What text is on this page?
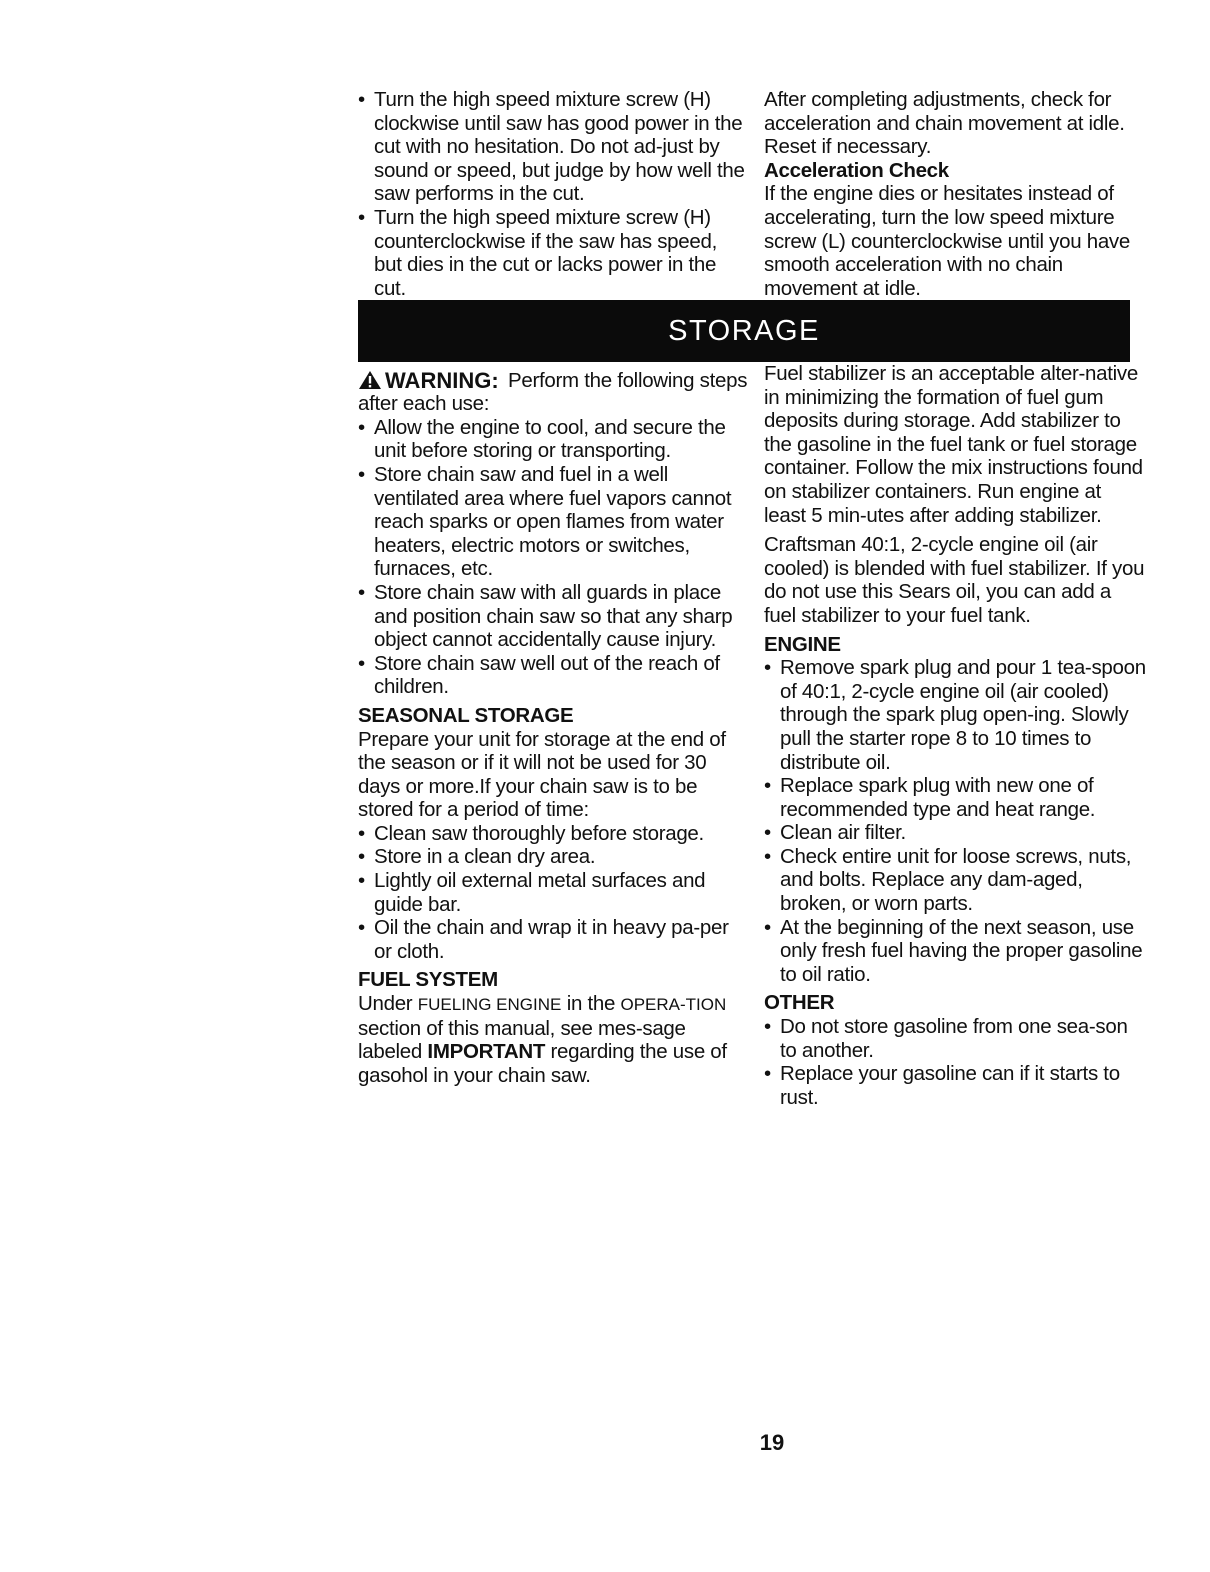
• Turn the high speed mixture screw (H) clockwise until saw has good power in the cut with no hesitation. Do not ad-just by sound or speed, but judge by how well the saw performs in the cut.
• Turn the high speed mixture screw (H) counterclockwise if the saw has speed, but dies in the cut or lacks power in the cut.

After completing adjustments, check for acceleration and chain movement at idle. Reset if necessary.

Acceleration Check

If the engine dies or hesitates instead of accelerating, turn the low speed mixture screw (L) counterclockwise until you have smooth acceleration with no chain movement at idle.

STORAGE
WARNING: Perform the following steps after each use:

• Allow the engine to cool, and secure the unit before storing or transporting.
• Store chain saw and fuel in a well ventilated area where fuel vapors cannot reach sparks or open flames from water heaters, electric motors or switches, furnaces, etc.
• Store chain saw with all guards in place and position chain saw so that any sharp object cannot accidentally cause injury.
• Store chain saw well out of the reach of children.

SEASONAL STORAGE

Prepare your unit for storage at the end of the season or if it will not be used for 30 days or more.If your chain saw is to be stored for a period of time:

• Clean saw thoroughly before storage.
• Store in a clean dry area.
• Lightly oil external metal surfaces and guide bar.
• Oil the chain and wrap it in heavy pa-per or cloth.

FUEL SYSTEM

Under FUELING ENGINE in the OPERA-TION section of this manual, see mes-sage labeled IMPORTANT regarding the use of gasohol in your chain saw.

Fuel stabilizer is an acceptable alter-native in minimizing the formation of fuel gum deposits during storage. Add stabilizer to the gasoline in the fuel tank or fuel storage container. Follow the mix instructions found on stabilizer containers. Run engine at least 5 min-utes after adding stabilizer.

Craftsman 40:1, 2-cycle engine oil (air cooled) is blended with fuel stabilizer. If you do not use this Sears oil, you can add a fuel stabilizer to your fuel tank.

ENGINE

• Remove spark plug and pour 1 tea-spoon of 40:1, 2-cycle engine oil (air cooled) through the spark plug open-ing. Slowly pull the starter rope 8 to 10 times to distribute oil.
• Replace spark plug with new one of recommended type and heat range.
• Clean air filter.
• Check entire unit for loose screws, nuts, and bolts. Replace any dam-aged, broken, or worn parts.
• At the beginning of the next season, use only fresh fuel having the proper gasoline to oil ratio.

OTHER

• Do not store gasoline from one sea-son to another.
• Replace your gasoline can if it starts to rust.
19
